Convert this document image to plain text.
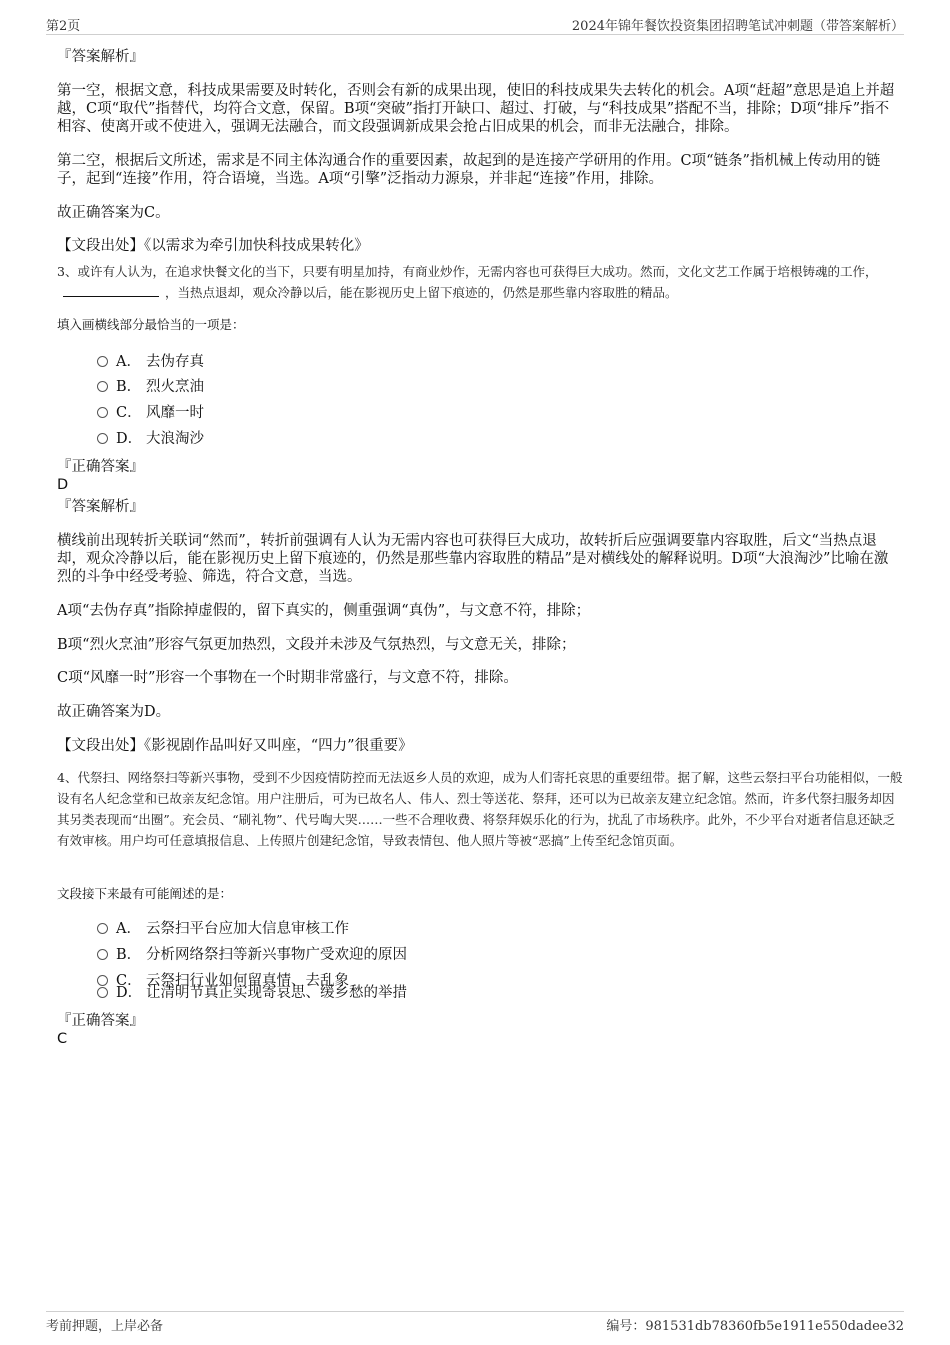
第2页	2024年锦年餐饮投资集团招聘笔试冲刺题（带答案解析）
『答案解析』

第一空，根据文意，科技成果需要及时转化，否则会有新的成果出现，使旧的科技成果失去转化的机会。A项“赶超”意思是追上并超越，C项“取代”指替代，均符合文意，保留。B项“突破”指打开缺口、超过、打破，与“科技成果”搭配不当，排除；D项“排斥”指不相容、使离开或不使进入，强调无法融合，而文段强调新成果会抢占旧成果的机会，而非无法融合，排除。

第二空，根据后文所述，需求是不同主体沟通合作的重要因素，故起到的是连接产学研用的作用。C项“链条”指机械上传动用的链子，起到“连接”作用，符合语境，当选。A项“引擎”泛指动力源泉，并非起“连接”作用，排除。

故正确答案为C。
【文段出处】《以需求为牵引加快科技成果转化》

3、或许有人认为，在追求快餐文化的当下，只要有明星加持，有商业炒作，无需内容也可获得巨大成功。然而，文化文艺工作属于培根铸魂的工作，，当热点退却，观众冷静以后，能在影视历史上留下痕迹的，仍然是那些靠内容取胜的精品。

填入画横线部分最恰当的一项是：
A． 去伪存真
B． 烈火烹油
C． 风靡一时
D． 大浪淘沙
『正确答案』
D
『答案解析』

横线前出现转折关联词“然而”，转折前强调有人认为无需内容也可获得巨大成功，故转折后应强调要靠内容取胜，后文“当热点退却，观众冷静以后，能在影视历史上留下痕迹的，仍然是那些靠内容取胜的精品”是对横线处的解释说明。D项“大浪淘沙”比喻在激烈的斗争中经受考验、筛选，符合文意，当选。

A项“去伪存真”指除掉虚假的，留下真实的，侧重强调“真伪”，与文意不符，排除；
B项“烈火烹油”形容气氛更加热烈，文段并未涉及气氛热烈，与文意无关，排除；
C项“风靡一时”形容一个事物在一个时期非常盛行，与文意不符，排除。
故正确答案为D。
【文段出处】《影视剧作品叫好又叫座，“四力”很重要》

4、代祭扫、网络祭扫等新兴事物，受到不少因疫情防控而无法返乡人员的欢迎，成为人们寄托哀思的重要纽带。据了解，这些云祭扫平台功能相似，一般设有名人纪念堂和已故亲友纪念馆。用户注册后，可为已故名人、伟人、烈士等送花、祭拜，还可以为已故亲友建立纪念馆。然而，许多代祭扫服务却因其另类表现而“出圈”。充会员、“刷礼物”、代号啕大哭……一些不合理收费、将祭拜娱乐化的行为，扰乱了市场秩序。此外，不少平台对逝者信息还缺乏有效审核。用户均可任意填报信息、上传照片创建纪念馆，导致表情包、他人照片等被“恶搞”上传至纪念馆页面。

文段接下来最有可能阐述的是：
A． 云祭扫平台应加大信息审核工作
B． 分析网络祭扫等新兴事物广受欢迎的原因
C． 云祭扫行业如何留真情、去乱象
D． 让清明节真正实现寄哀思、缓乡愁的举措
『正确答案』
C
考前押题，上岸必备	编号：981531db78360fb5e1911e550dadee32
